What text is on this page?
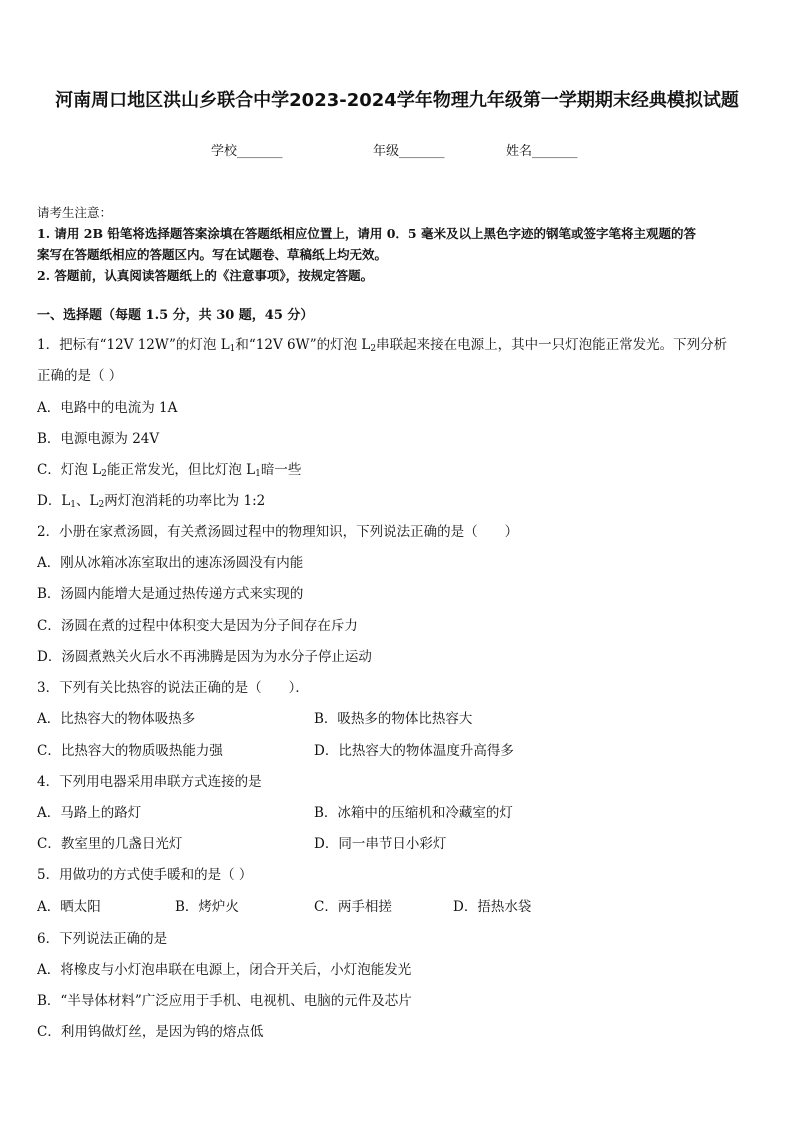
河南周口地区洪山乡联合中学2023-2024学年物理九年级第一学期期末经典模拟试题
学校_______	年级_______	姓名_______
请考生注意：
1. 请用 2B 铅笔将选择题答案涂填在答题纸相应位置上，请用 0．5 毫米及以上黑色字迹的钢笔或签字笔将主观题的答
案写在答题纸相应的答题区内。写在试题卷、草稿纸上均无效。
2. 答题前，认真阅读答题纸上的《注意事项》，按规定答题。
一、选择题（每题 1.5 分，共 30 题，45 分）
1．把标有“12V 12W”的灯泡 $L_1$和“12V 6W”的灯泡 $L_2$串联起来接在电源上，其中一只灯泡能正常发光。下列分析
正确的是（ ）
A．电路中的电流为 1A
B．电源电源为 24V
C．灯泡 $L_2$能正常发光，但比灯泡 $L_1$暗一些
D．$L_1$、$L_2$两灯泡消耗的功率比为 1:2
2．小册在家煮汤圆，有关煮汤圆过程中的物理知识，下列说法正确的是（　　）
A．刚从冰箱冰冻室取出的速冻汤圆没有内能
B．汤圆内能增大是通过热传递方式来实现的
C．汤圆在煮的过程中体积变大是因为分子间存在斥力
D．汤圆煮熟关火后水不再沸腾是因为为水分子停止运动
3．下列有关比热容的说法正确的是（　　）．
A．比热容大的物体吸热多	B．吸热多的物体比热容大
C．比热容大的物质吸热能力强	D．比热容大的物体温度升高得多
4．下列用电器采用串联方式连接的是
A．马路上的路灯	B．冰箱中的压缩机和冷藏室的灯
C．教室里的几盏日光灯	D．同一串节日小彩灯
5．用做功的方式使手暖和的是（ ）
A．晒太阳	B．烤炉火	C．两手相搓	D．捂热水袋
6．下列说法正确的是
A．将橡皮与小灯泡串联在电源上，闭合开关后，小灯泡能发光
B．“半导体材料”广泛应用于手机、电视机、电脑的元件及芯片
C．利用钨做灯丝，是因为钨的熔点低
